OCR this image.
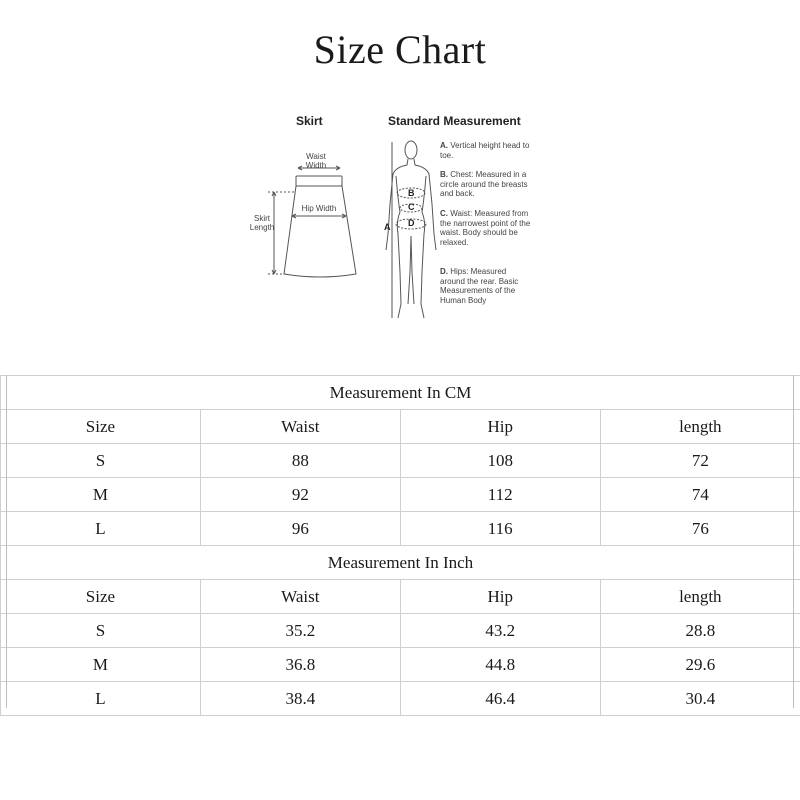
Size Chart
A
B
C
D
Skirt	Standard Measurement
Waist
Width
Hip Width
Skirt
Length
A. Vertical height head to toe.
B. Chest: Measured in a circle around the breasts and back.
C. Waist: Measured from the narrowest point of the waist. Body should be relaxed.
D. Hips: Measured around the rear. Basic Measurements of the Human Body
Measurement In CM			
Size	Waist	Hip	length
S	88	108	72
M	92	112	74
L	96	116	76
Measurement In Inch			
Size	Waist	Hip	length
S	35.2	43.2	28.8
M	36.8	44.8	29.6
L	38.4	46.4	30.4
